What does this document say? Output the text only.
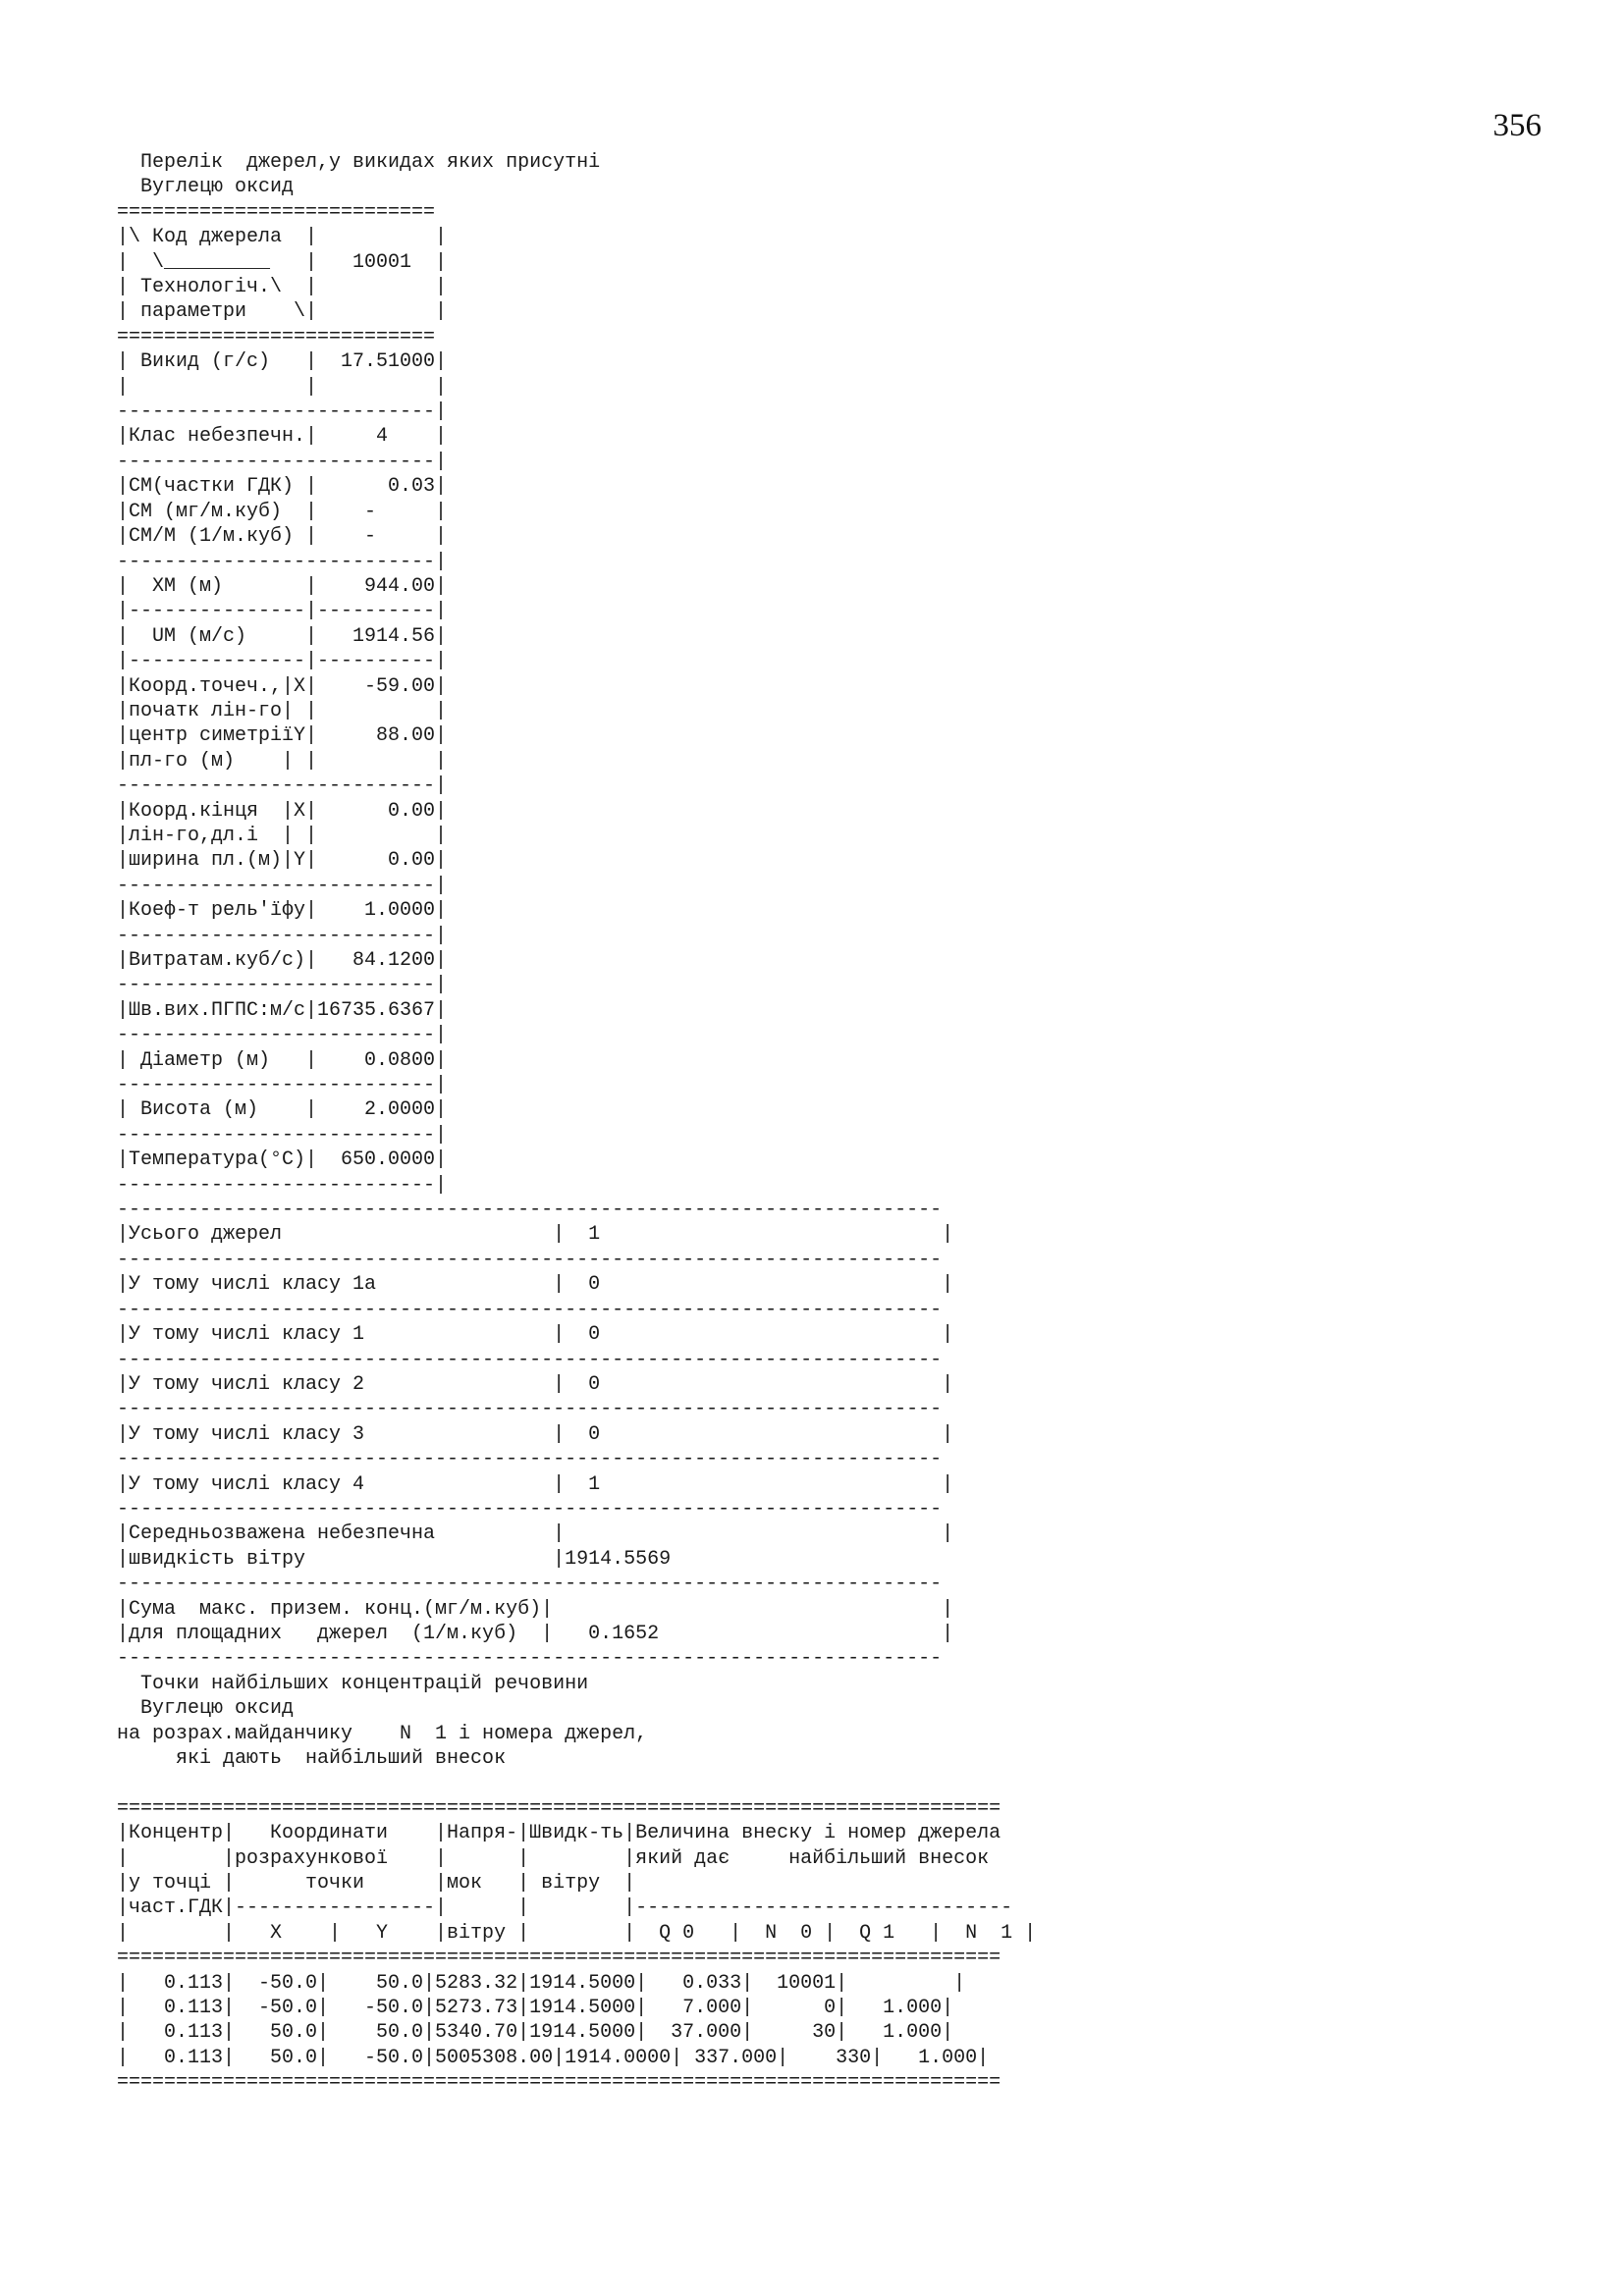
356
Перелік  джерел,у викидах яких присутні
Вуглецю оксид
===========================
|\ Код джерела  |          |
|  \_________   |   10001  |
| Технологіч.\  |          |
| параметри    \|          |
===========================
| Викид (г/с)   |  17.51000|
|               |          |
---------------------------|
|Клас небезпечн.|     4    |
---------------------------|
|CM(частки ГДК) |      0.03|
|CM (мг/м.куб)  |    -     |
|CM/M (1/м.куб) |    -     |
---------------------------|
|  XM (м)       |    944.00|
|---------------|----------|
|  UM (м/с)     |   1914.56|
|---------------|----------|
|Коорд.точеч.,|X|    -59.00|
|початк лін-го| |          |
|центр симетріїY|     88.00|
|пл-го (м)    | |          |
---------------------------|
|Коорд.кінця  |X|      0.00|
|лін-го,дл.і  | |          |
|ширина пл.(м)|Y|      0.00|
---------------------------|
|Коеф-т рель'їфу|    1.0000|
---------------------------|
|Витратам.куб/с)|   84.1200|
---------------------------|
|Шв.вих.ПГПС:м/с|16735.6367|
---------------------------|
| Діаметр (м)   |    0.0800|
---------------------------|
| Висота (м)    |    2.0000|
---------------------------|
|Температура(°C)|  650.0000|
---------------------------|
----------------------------------------------------------------------
|Усього джерел                       |  1                             |
----------------------------------------------------------------------
|У тому числі класу 1а               |  0                             |
----------------------------------------------------------------------
|У тому числі класу 1                |  0                             |
----------------------------------------------------------------------
|У тому числі класу 2                |  0                             |
----------------------------------------------------------------------
|У тому числі класу 3                |  0                             |
----------------------------------------------------------------------
|У тому числі класу 4                |  1                             |
----------------------------------------------------------------------
|Середньозважена небезпечна          |                                |
|швидкість вітру                     |1914.5569
----------------------------------------------------------------------
|Сума  макс. призем. конц.(мг/м.куб)|                                 |
|для площадних   джерел  (1/м.куб)  |   0.1652                        |
----------------------------------------------------------------------
Точки найбільших концентрацій речовини
Вуглецю оксид
на розрах.майданчику    N  1 і номера джерел,
які дають  найбільший внесок

===========================================================================
|Концентр|   Координати    |Напря-|Швидк-ть|Величина внеску і номер джерела
|        |розрахункової    |      |        |який дає     найбільший внесок
|у точці |      точки      |мок   | вітру  |
|част.ГДК|-----------------|      |        |--------------------------------
|        |   X    |   Y    |вітру |        |  Q 0   |  N  0 |  Q 1   |  N  1 |
===========================================================================
|   0.113|  -50.0|    50.0|5283.32|1914.5000|   0.033|  10001|         |
|   0.113|  -50.0|   -50.0|5273.73|1914.5000|   7.000|      0|   1.000|
|   0.113|   50.0|    50.0|5340.70|1914.5000|  37.000|     30|   1.000|
|   0.113|   50.0|   -50.0|5005308.00|1914.0000| 337.000|    330|   1.000|
===========================================================================
